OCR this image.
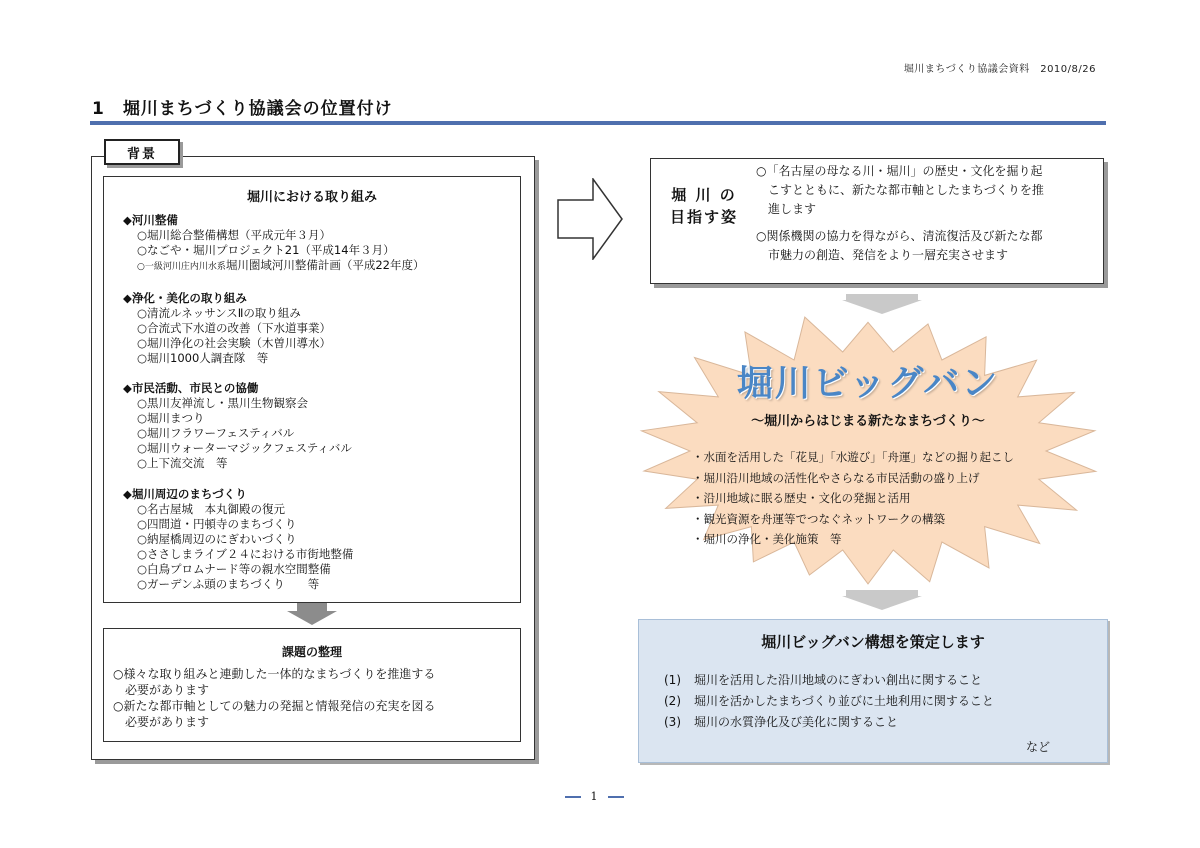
堀川まちづくり協議会資料　2010/8/26
1　堀川まちづくり協議会の位置付け
背景
堀川における取り組み
◆河川整備
○堀川総合整備構想（平成元年３月）
○なごや・堀川プロジェクト21（平成14年３月）
○一級河川庄内川水系堀川圏域河川整備計画（平成22年度）
◆浄化・美化の取り組み
○清流ルネッサンスⅡの取り組み
○合流式下水道の改善（下水道事業）
○堀川浄化の社会実験（木曽川導水）
○堀川1000人調査隊　等
◆市民活動、市民との協働
○黒川友禅流し・黒川生物観察会
○堀川まつり
○堀川フラワーフェスティバル
○堀川ウォーターマジックフェスティバル
○上下流交流　等
◆堀川周辺のまちづくり
○名古屋城　本丸御殿の復元
○四間道・円頓寺のまちづくり
○納屋橋周辺のにぎわいづくり
○ささしまライブ２４における市街地整備
○白鳥プロムナード等の親水空間整備
○ガーデンふ頭のまちづくり　　等
課題の整理
○様々な取り組みと連動した一体的なまちづくりを推進する
必要があります
○新たな都市軸としての魅力の発掘と情報発信の充実を図る
必要があります
堀 川 の
目指す姿
○「名古屋の母なる川・堀川」の歴史・文化を掘り起
こすとともに、新たな都市軸としたまちづくりを推
進します
○関係機関の協力を得ながら、清流復活及び新たな都
市魅力の創造、発信をより一層充実させます
堀川ビッグバン
～堀川からはじまる新たなまちづくり～
・水面を活用した「花見」「水遊び」「舟運」などの掘り起こし
・堀川沿川地域の活性化やさらなる市民活動の盛り上げ
・沿川地域に眠る歴史・文化の発掘と活用
・観光資源を舟運等でつなぐネットワークの構築
・堀川の浄化・美化施策　等
堀川ビッグバン構想を策定します
(1) 堀川を活用した沿川地域のにぎわい創出に関すること
(2) 堀川を活かしたまちづくり並びに土地利用に関すること
(3) 堀川の水質浄化及び美化に関すること
など
1
